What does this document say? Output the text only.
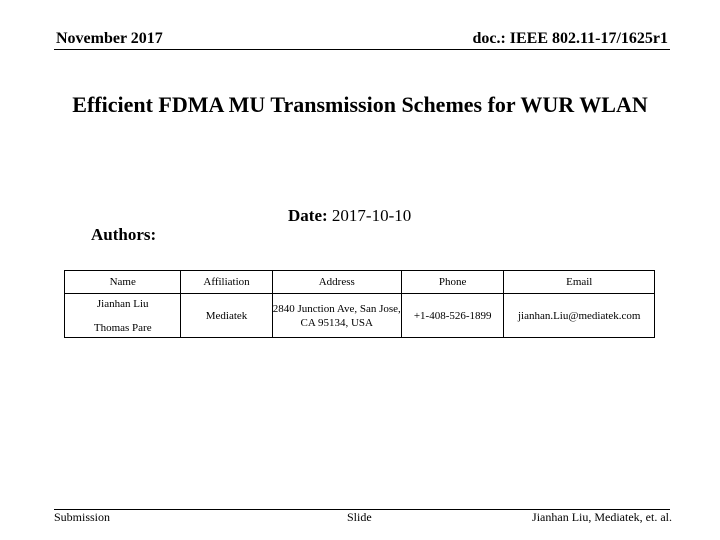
November 2017	doc.: IEEE 802.11-17/1625r1
Efficient FDMA MU Transmission Schemes for WUR WLAN
Date: 2017-10-10
Authors:
Name	Affiliation	Address	Phone	Email

Jianhan Liu
Thomas Pare	Mediatek	2840 Junction Ave, San Jose, CA 95134, USA	+1-408-526-1899	jianhan.Liu@mediatek.com
Submission	Slide	Jianhan Liu, Mediatek, et. al.
